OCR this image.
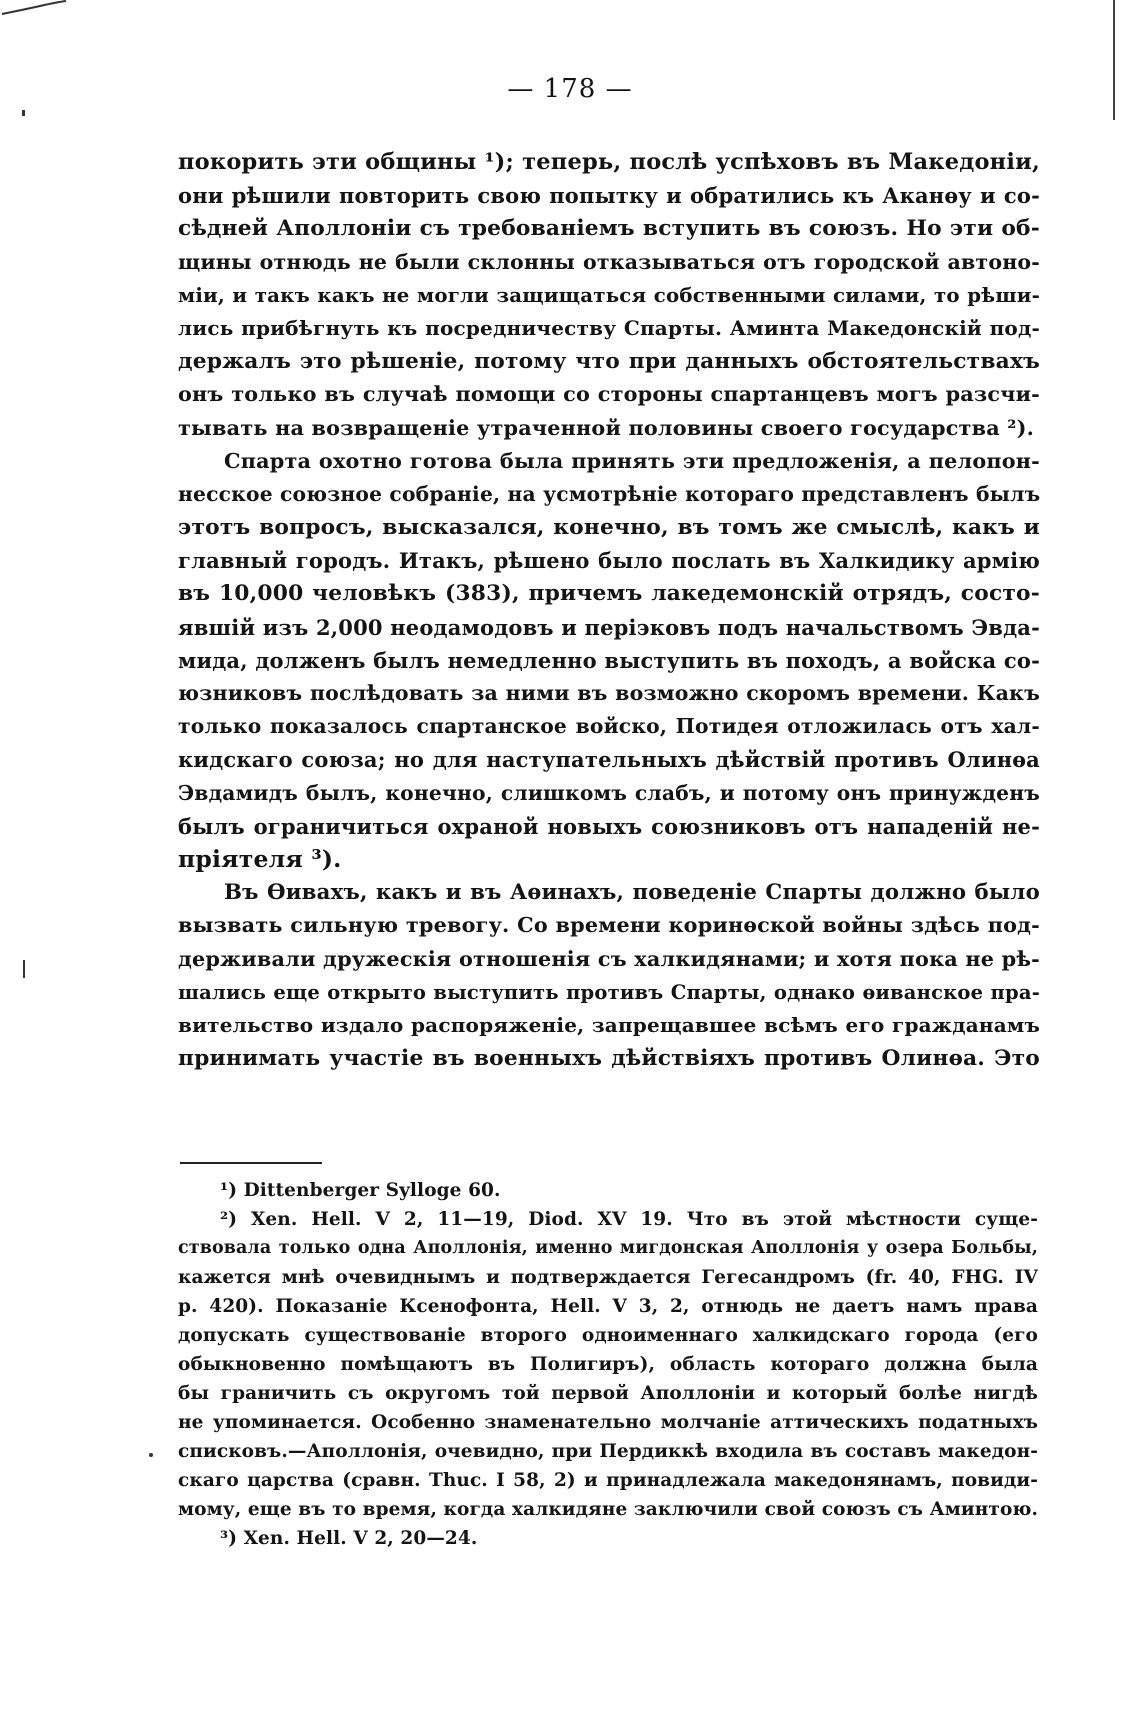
— 178 —
покорить эти общины ¹); теперь, послѣ успѣховъ въ Македоніи,
они рѣшили повторить свою попытку и обратились къ Аканѳу и со-
сѣдней Аполлоніи съ требованіемъ вступить въ союзъ. Но эти об-
щины отнюдь не были склонны отказываться отъ городской автоно-
міи, и такъ какъ не могли защищаться собственными силами, то рѣши-
лись прибѣгнуть къ посредничеству Спарты. Аминта Македонскій под-
держалъ это рѣшеніе, потому что при данныхъ обстоятельствахъ
онъ только въ случаѣ помощи со стороны спартанцевъ могъ разсчи-
тывать на возвращеніе утраченной половины своего государства ²).
Спарта охотно готова была принять эти предложенія, а пелопон-
несское союзное собраніе, на усмотрѣніе котораго представленъ былъ
этотъ вопросъ, высказался, конечно, въ томъ же смыслѣ, какъ и
главный городъ. Итакъ, рѣшено было послать въ Халкидику армію
въ 10,000 человѣкъ (383), причемъ лакедемонскій отрядъ, состо-
явшій изъ 2,000 неодамодовъ и періэковъ подъ начальствомъ Эвда-
мида, долженъ былъ немедленно выступить въ походъ, а войска со-
юзниковъ послѣдовать за ними въ возможно скоромъ времени. Какъ
только показалось спартанское войско, Потидея отложилась отъ хал-
кидскаго союза; но для наступательныхъ дѣйствій противъ Олинѳа
Эвдамидъ былъ, конечно, слишкомъ слабъ, и потому онъ принужденъ
былъ ограничиться охраной новыхъ союзниковъ отъ нападеній не-
пріятеля ³).
Въ Ѳивахъ, какъ и въ Аѳинахъ, поведеніе Спарты должно было
вызвать сильную тревогу. Со времени коринѳской войны здѣсь под-
держивали дружескія отношенія съ халкидянами; и хотя пока не рѣ-
шались еще открыто выступить противъ Спарты, однако ѳиванское пра-
вительство издало распоряженіе, запрещавшее всѣмъ его гражданамъ
принимать участіе въ военныхъ дѣйствіяхъ противъ Олинѳа. Это
¹) Dittenberger Sylloge 60.
²) Xen. Hell. V 2, 11—19, Diod. XV 19. Что въ этой мѣстности суще-
ствовала только одна Аполлонія, именно мигдонская Аполлонія у озера Больбы,
кажется мнѣ очевиднымъ и подтверждается Гегесандромъ (fr. 40, FHG. IV
p. 420). Показаніе Ксенофонта, Hell. V 3, 2, отнюдь не даетъ намъ права
допускать существованіе второго одноименнаго халкидскаго города (его
обыкновенно помѣщаютъ въ Полигиръ), область котораго должна была
бы граничить съ округомъ той первой Аполлоніи и который болѣе нигдѣ
не упоминается. Особенно знаменательно молчаніе аттическихъ податныхъ
списковъ.—Аполлонія, очевидно, при Пердиккѣ входила въ составъ македон-
скаго царства (сравн. Thuc. I 58, 2) и принадлежала македонянамъ, повиди-
мому, еще въ то время, когда халкидяне заключили свой союзъ съ Аминтою.
³) Xen. Hell. V 2, 20—24.
